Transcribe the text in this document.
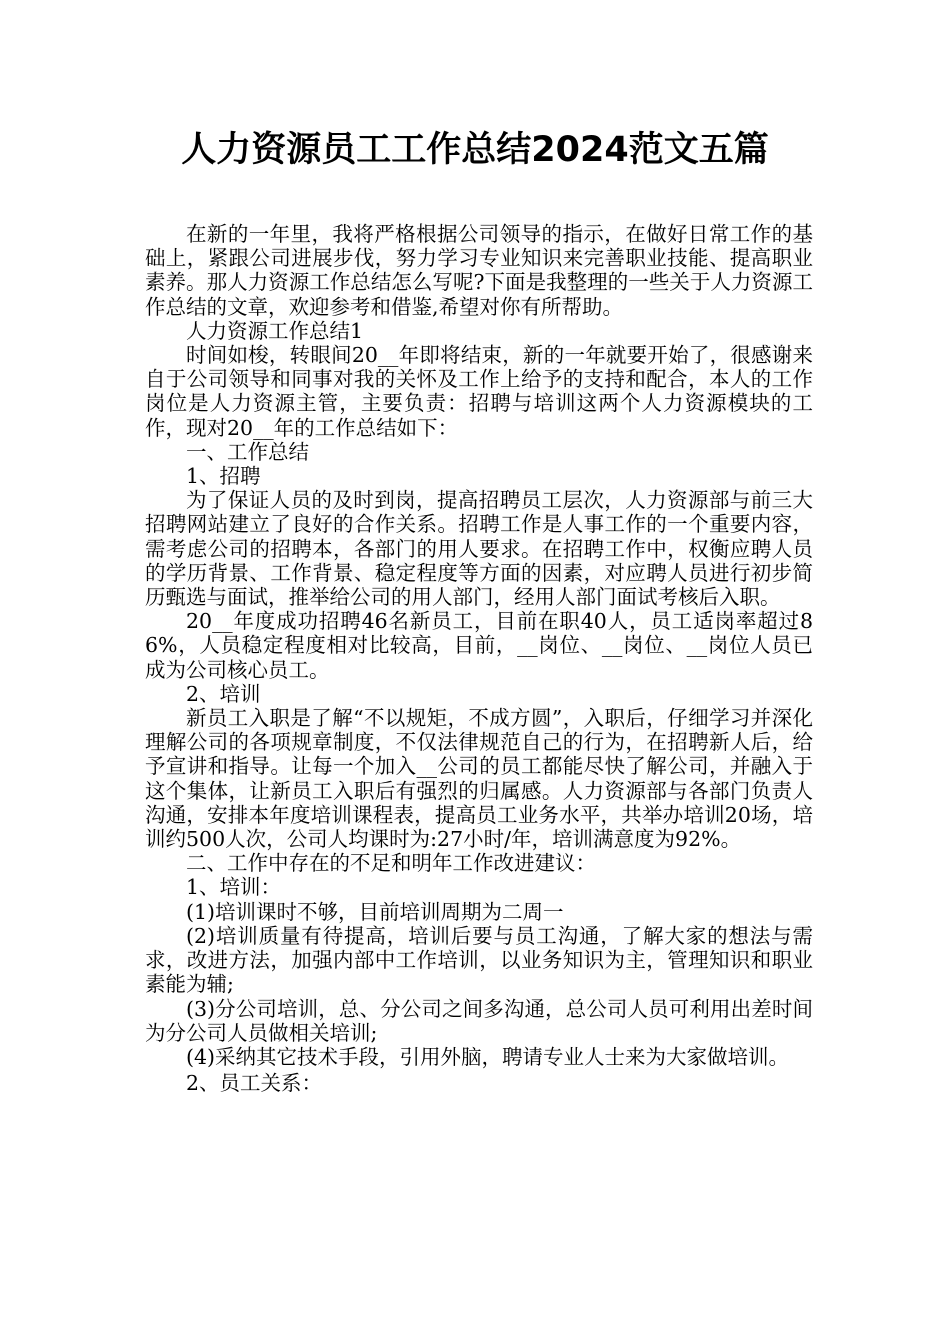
人力资源员工工作总结2024范文五篇

在新的一年里，我将严格根据公司领导的指示，在做好日常工作的基础上，紧跟公司进展步伐，努力学习专业知识来完善职业技能、提高职业素养。那人力资源工作总结怎么写呢?下面是我整理的一些关于人力资源工作总结的文章，欢迎参考和借鉴,希望对你有所帮助。

人力资源工作总结1

时间如梭，转眼间20__年即将结束，新的一年就要开始了，很感谢来自于公司领导和同事对我的关怀及工作上给予的支持和配合，本人的工作岗位是人力资源主管，主要负责：招聘与培训这两个人力资源模块的工作，现对20__年的工作总结如下：

一、工作总结

1、招聘

为了保证人员的及时到岗，提高招聘员工层次，人力资源部与前三大招聘网站建立了良好的合作关系。招聘工作是人事工作的一个重要内容，需考虑公司的招聘本，各部门的用人要求。在招聘工作中，权衡应聘人员的学历背景、工作背景、稳定程度等方面的因素，对应聘人员进行初步简历甄选与面试，推举给公司的用人部门，经用人部门面试考核后入职。

20__年度成功招聘46名新员工，目前在职40人，员工适岗率超过86%，人员稳定程度相对比较高，目前，__岗位、__岗位、__岗位人员已成为公司核心员工。

2、培训

新员工入职是了解“不以规矩，不成方圆”，入职后，仔细学习并深化理解公司的各项规章制度，不仅法律规范自己的行为，在招聘新人后，给予宣讲和指导。让每一个加入__公司的员工都能尽快了解公司，并融入于这个集体，让新员工入职后有强烈的归属感。人力资源部与各部门负责人沟通，安排本年度培训课程表，提高员工业务水平，共举办培训20场，培训约500人次，公司人均课时为:27小时/年，培训满意度为92%。

二、工作中存在的不足和明年工作改进建议：

1、培训：

(1)培训课时不够，目前培训周期为二周一

(2)培训质量有待提高，培训后要与员工沟通，了解大家的想法与需求，改进方法，加强内部中工作培训，以业务知识为主，管理知识和职业素能为辅;

(3)分公司培训，总、分公司之间多沟通，总公司人员可利用出差时间为分公司人员做相关培训;

(4)采纳其它技术手段，引用外脑，聘请专业人士来为大家做培训。

2、员工关系：
